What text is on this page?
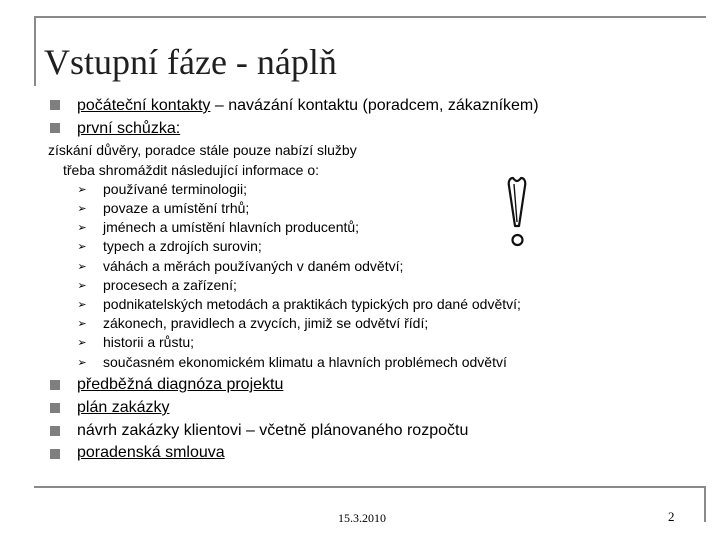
Vstupní fáze - náplň
počáteční kontakty – navázání kontaktu (poradcem, zákazníkem)
první schůzka:
získání důvěry, poradce stále pouze nabízí služby
třeba shromáždit následující informace o:
➢ používané terminologii;
➢ povaze a umístění trhů;
➢ jménech a umístění hlavních producentů;
➢ typech a zdrojích surovin;
➢ váhách a měrách používaných v daném odvětví;
➢ procesech a zařízení;
➢ podnikatelských metodách a praktikách typických pro dané odvětví;
➢ zákonech, pravidlech a zvycích, jimiž se odvětví řídí;
➢ historii a růstu;
➢ současném ekonomickém klimatu a hlavních problémech odvětví
předběžná diagnóza projektu
plán zakázky
návrh zakázky klientovi – včetně plánovaného rozpočtu
poradenská smlouva
15.3.2010	2
